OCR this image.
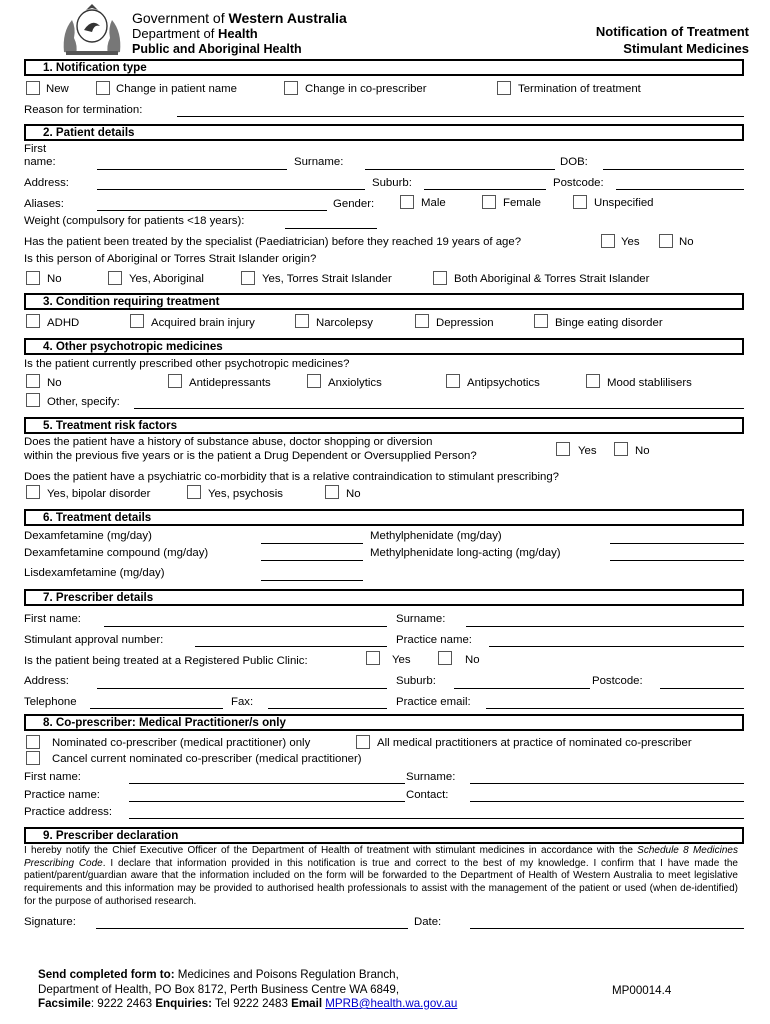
Government of Western Australia
Department of Health
Public and Aboriginal Health
Notification of Treatment
Stimulant Medicines
1. Notification type
New	Change in patient name	Change in co-prescriber	Termination of treatment
Reason for termination:
2. Patient details
First
name:	Surname:	DOB:
Address:	Suburb:	Postcode:
Aliases:	Gender:	Male	Female	Unspecified
Weight (compulsory for patients <18 years):
Has the patient been treated by the specialist (Paediatrician) before they reached 19 years of age?	Yes	No
Is this person of Aboriginal or Torres Strait Islander origin?
No	Yes, Aboriginal	Yes, Torres Strait Islander	Both Aboriginal & Torres Strait Islander
3. Condition requiring treatment
ADHD	Acquired brain injury	Narcolepsy	Depression	Binge eating disorder
4. Other psychotropic medicines
Is the patient currently prescribed other psychotropic medicines?
No	Antidepressants	Anxiolytics	Antipsychotics	Mood stablilisers
Other, specify:
5. Treatment risk factors
Does the patient have a history of substance abuse, doctor shopping or diversion
within the previous five years or is the patient a Drug Dependent or Oversupplied Person?	Yes	No
Does the patient have a psychiatric co-morbidity that is a relative contraindication to stimulant prescribing?
Yes, bipolar disorder	Yes, psychosis	No
6. Treatment details
Dexamfetamine (mg/day)	Methylphenidate (mg/day)
Dexamfetamine compound (mg/day)	Methylphenidate long-acting (mg/day)
Lisdexamfetamine (mg/day)
7. Prescriber details
First name:	Surname:
Stimulant approval number:	Practice name:
Is the patient being treated at a Registered Public Clinic:	Yes	No
Address:	Suburb:	Postcode:
Telephone	Fax:	Practice email:
8. Co-prescriber: Medical Practitioner/s only
Nominated co-prescriber (medical practitioner) only	All medical practitioners at practice of nominated co-prescriber
Cancel current nominated co-prescriber (medical practitioner)
First name:	Surname:
Practice name:	Contact:
Practice address:
9. Prescriber declaration
I hereby notify the Chief Executive Officer of the Department of Health of treatment with stimulant medicines in accordance with the Schedule 8 Medicines Prescribing Code. I declare that information provided in this notification is true and correct to the best of my knowledge. I confirm that I have made the patient/parent/guardian aware that the information included on the form will be forwarded to the Department of Health of Western Australia to meet legislative requirements and this information may be provided to authorised health professionals to assist with the management of the patient or used (when de-identified) for the purpose of authorised research.
Signature:	Date:
Send completed form to: Medicines and Poisons Regulation Branch,
Department of Health, PO Box 8172, Perth Business Centre WA 6849,
Facsimile: 9222 2463 Enquiries: Tel 9222 2483 Email MPRB@health.wa.gov.au
MP00014.4
